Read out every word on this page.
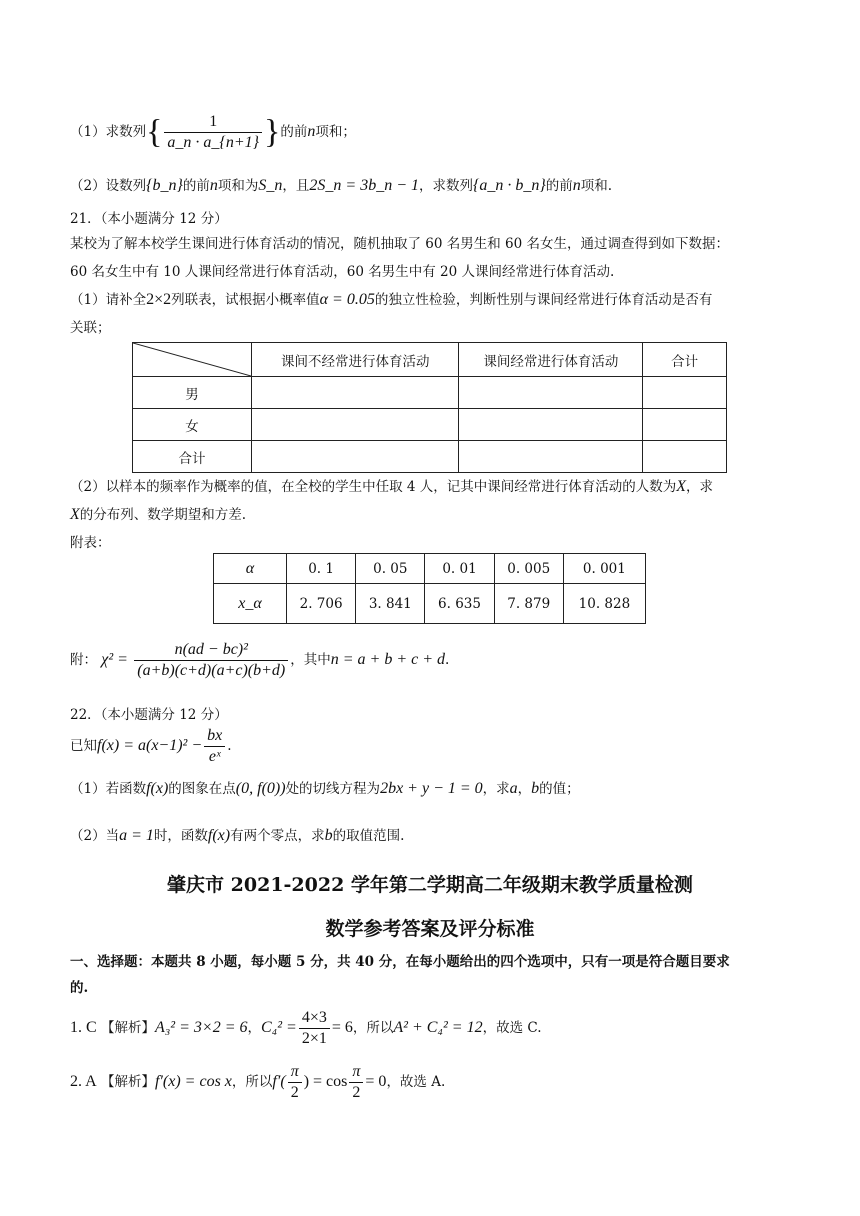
（1）求数列{ $\frac{1}{a\_n \cdot a\_\{n+1\}}$ }的前n项和；
（2）设数列{b_n}的前n项和为S_n，且2S_n = 3b_n − 1，求数列{a_n · b_n}的前n项和.
21．（本小题满分 12 分）
某校为了解本校学生课间进行体育活动的情况，随机抽取了 60 名男生和 60 名女生，通过调查得到如下数据：
60 名女生中有 10 人课间经常进行体育活动，60 名男生中有 20 人课间经常进行体育活动.
（1）请补全2×2列联表，试根据小概率值α = 0.05的独立性检验，判断性别与课间经常进行体育活动是否有
关联；
	课间不经常进行体育活动	课间经常进行体育活动	合计
男			
女			
合计			
（2）以样本的频率作为概率的值，在全校的学生中任取 4 人，记其中课间经常进行体育活动的人数为X，求
X的分布列、数学期望和方差.
附表：
α	0. 1	0. 05	0. 01	0. 005	0. 001
x_α	2. 706	3. 841	6. 635	7. 879	10. 828
附： $\chi^2 = \frac{\text{n(ad − bc)²}}{(a+b)(c+d)(a+c)(b+d)}$ ，其中n = a + b + c + d.
22．（本小题满分 12 分）
已知$f(x) = a(x-1)^2 - \frac{bx}{\text{eˣ}}$ .
（1）若函数f(x)的图象在点(0, f(0))处的切线方程为2bx + y − 1 = 0，求a，b的值；
（2）当a = 1时，函数f(x)有两个零点，求b的取值范围.
肇庆市 2021-2022 学年第二学期高二年级期末教学质量检测
数学参考答案及评分标准
一、选择题：本题共 8 小题，每小题 5 分，共 40 分，在每小题给出的四个选项中，只有一项是符合题目要求
的.
1. C 【解析】A₃² = 3×2 = 6，$C_4^2 = \frac{4\times 3}{2\times 1} = 6$，所以A² + C₄² = 12，故选 C.
2. A 【解析】f′(x) = cos x，所以$f'( \frac{\pi}{2}$ ) = $\cos \frac{\pi}{2} = 0$，故选 A.
